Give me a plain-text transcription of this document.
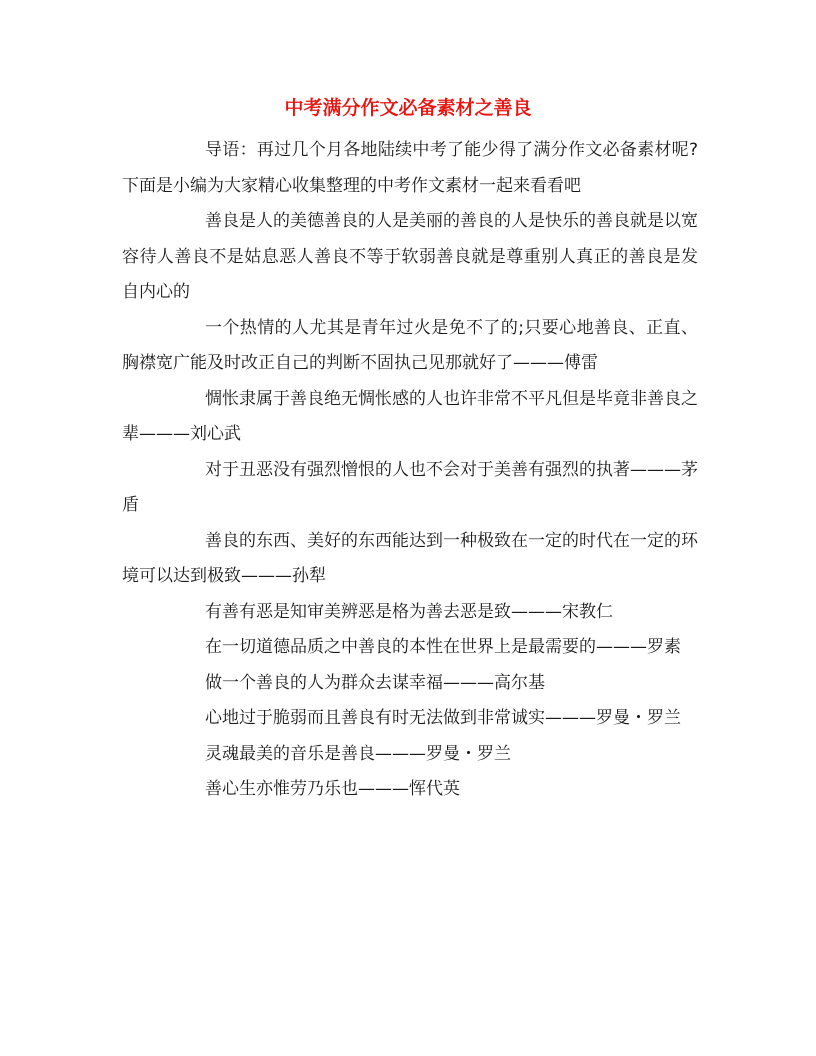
中考满分作文必备素材之善良

导语：再过几个月各地陆续中考了能少得了满分作文必备素材呢?下面是小编为大家精心收集整理的中考作文素材一起来看看吧

善良是人的美德善良的人是美丽的善良的人是快乐的善良就是以宽容待人善良不是姑息恶人善良不等于软弱善良就是尊重别人真正的善良是发自内心的

一个热情的人尤其是青年过火是免不了的;只要心地善良、正直、胸襟宽广能及时改正自己的判断不固执己见那就好了———傅雷

惆怅隶属于善良绝无惆怅感的人也许非常不平凡但是毕竟非善良之辈———刘心武

对于丑恶没有强烈憎恨的人也不会对于美善有强烈的执著———茅盾

善良的东西、美好的东西能达到一种极致在一定的时代在一定的环境可以达到极致———孙犁

有善有恶是知审美辨恶是格为善去恶是致———宋教仁

在一切道德品质之中善良的本性在世界上是最需要的———罗素

做一个善良的人为群众去谋幸福———高尔基

心地过于脆弱而且善良有时无法做到非常诚实———罗曼・罗兰

灵魂最美的音乐是善良———罗曼・罗兰

善心生亦惟劳乃乐也———恽代英
